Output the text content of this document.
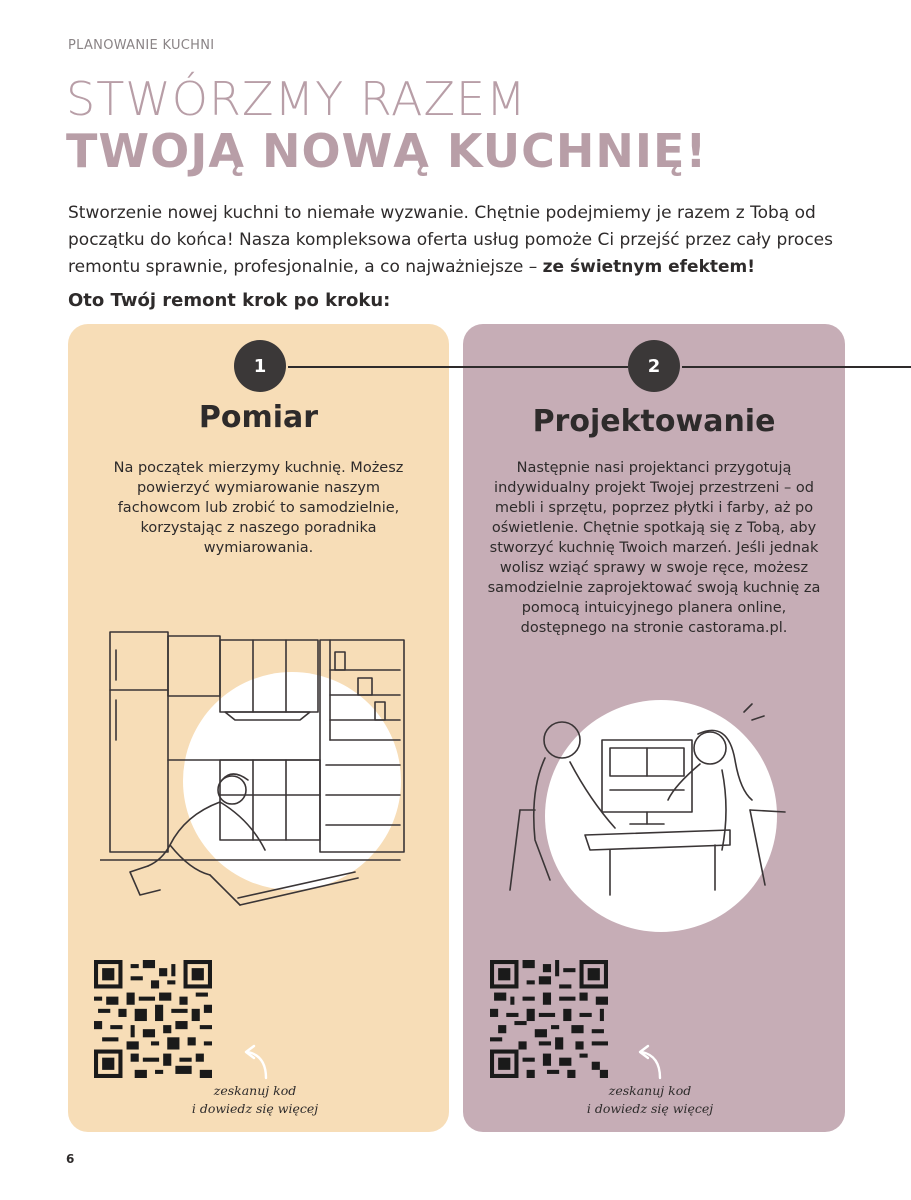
PLANOWANIE KUCHNI
STWÓRZMY RAZEM
TWOJĄ NOWĄ KUCHNIĘ!
Stworzenie nowej kuchni to niemałe wyzwanie. Chętnie podejmiemy je razem z Tobą od początku do końca! Nasza kompleksowa oferta usług pomoże Ci przejść przez cały proces remontu sprawnie, profesjonalnie, a co najważniejsze – ze świetnym efektem!
Oto Twój remont krok po kroku:
1	2
Pomiar	Projektowanie
Na początek mierzymy kuchnię. Możesz powierzyć wymiarowanie naszym fachowcom lub zrobić to samodzielnie, korzystając z naszego poradnika wymiarowania.
Następnie nasi projektanci przygotują indywidualny projekt Twojej przestrzeni – od mebli i sprzętu, poprzez płytki i farby, aż po oświetlenie. Chętnie spotkają się z Tobą, aby stworzyć kuchnię Twoich marzeń. Jeśli jednak wolisz wziąć sprawy w swoje ręce, możesz samodzielnie zaprojektować swoją kuchnię za pomocą intuicyjnego planera online, dostępnego na stronie castorama.pl.
zeskanuj kod
i dowiedz się więcej
zeskanuj kod
i dowiedz się więcej
6
